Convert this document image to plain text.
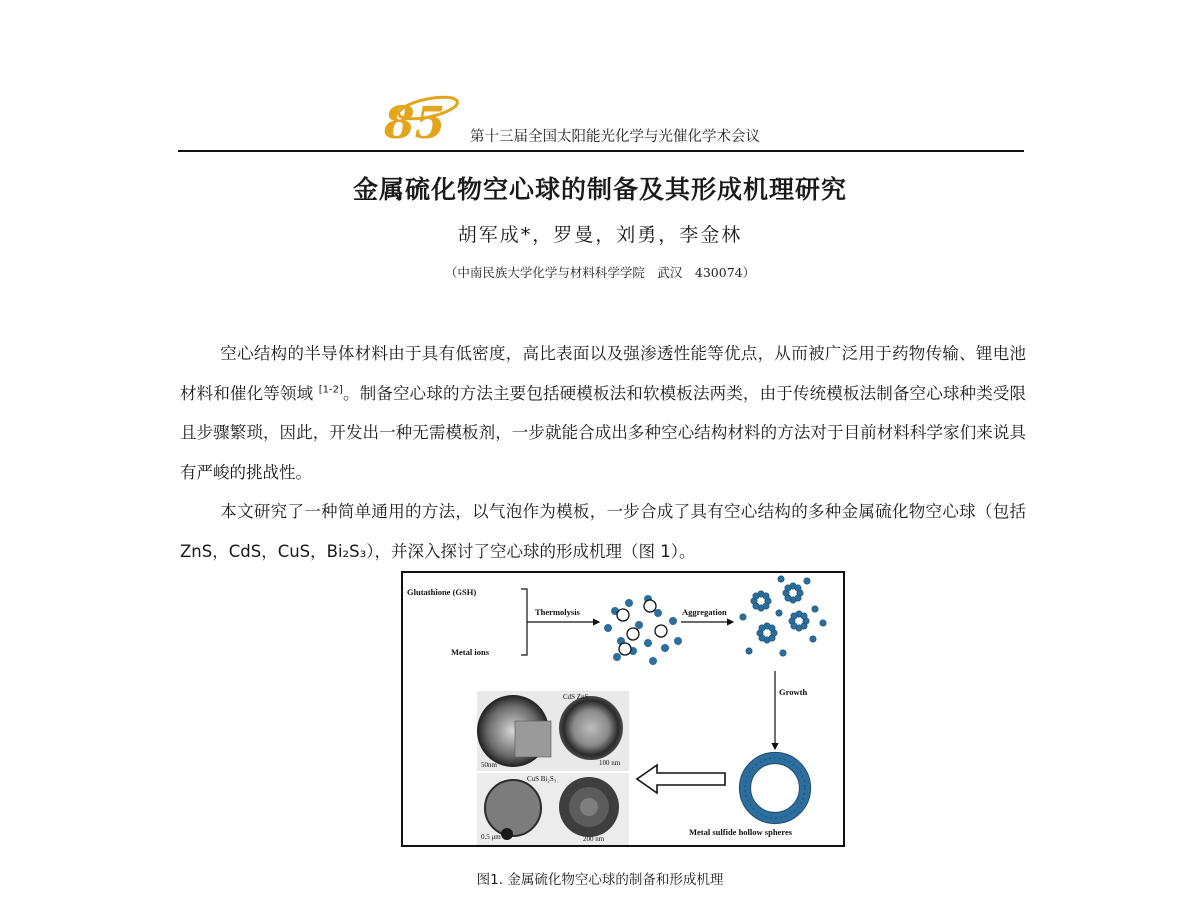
85 第十三届全国太阳能光化学与光催化学术会议
金属硫化物空心球的制备及其形成机理研究
胡军成*，罗曼，刘勇，李金林
（中南民族大学化学与材料科学学院　武汉　430074）

空心结构的半导体材料由于具有低密度，高比表面以及强渗透性能等优点，从而被广泛用于药物传输、锂电池材料和催化等领域 [1-2]。制备空心球的方法主要包括硬模板法和软模板法两类，由于传统模板法制备空心球种类受限且步骤繁琐，因此，开发出一种无需模板剂，一步就能合成出多种空心结构材料的方法对于目前材料科学家们来说具有严峻的挑战性。

本文研究了一种简单通用的方法，以气泡作为模板，一步合成了具有空心结构的多种金属硫化物空心球（包括 ZnS，CdS，CuS，Bi₂S₃），并深入探讨了空心球的形成机理（图 1）。

Glutathione (GSH)
Metal ions
Thermolysis	Aggregation
Growth
Metal sulfide hollow spheres
CdS ZnS
50nm	100 nm
CuS Bi₂S₃
0.5 μm	200 nm
图1. 金属硫化物空心球的制备和形成机理
